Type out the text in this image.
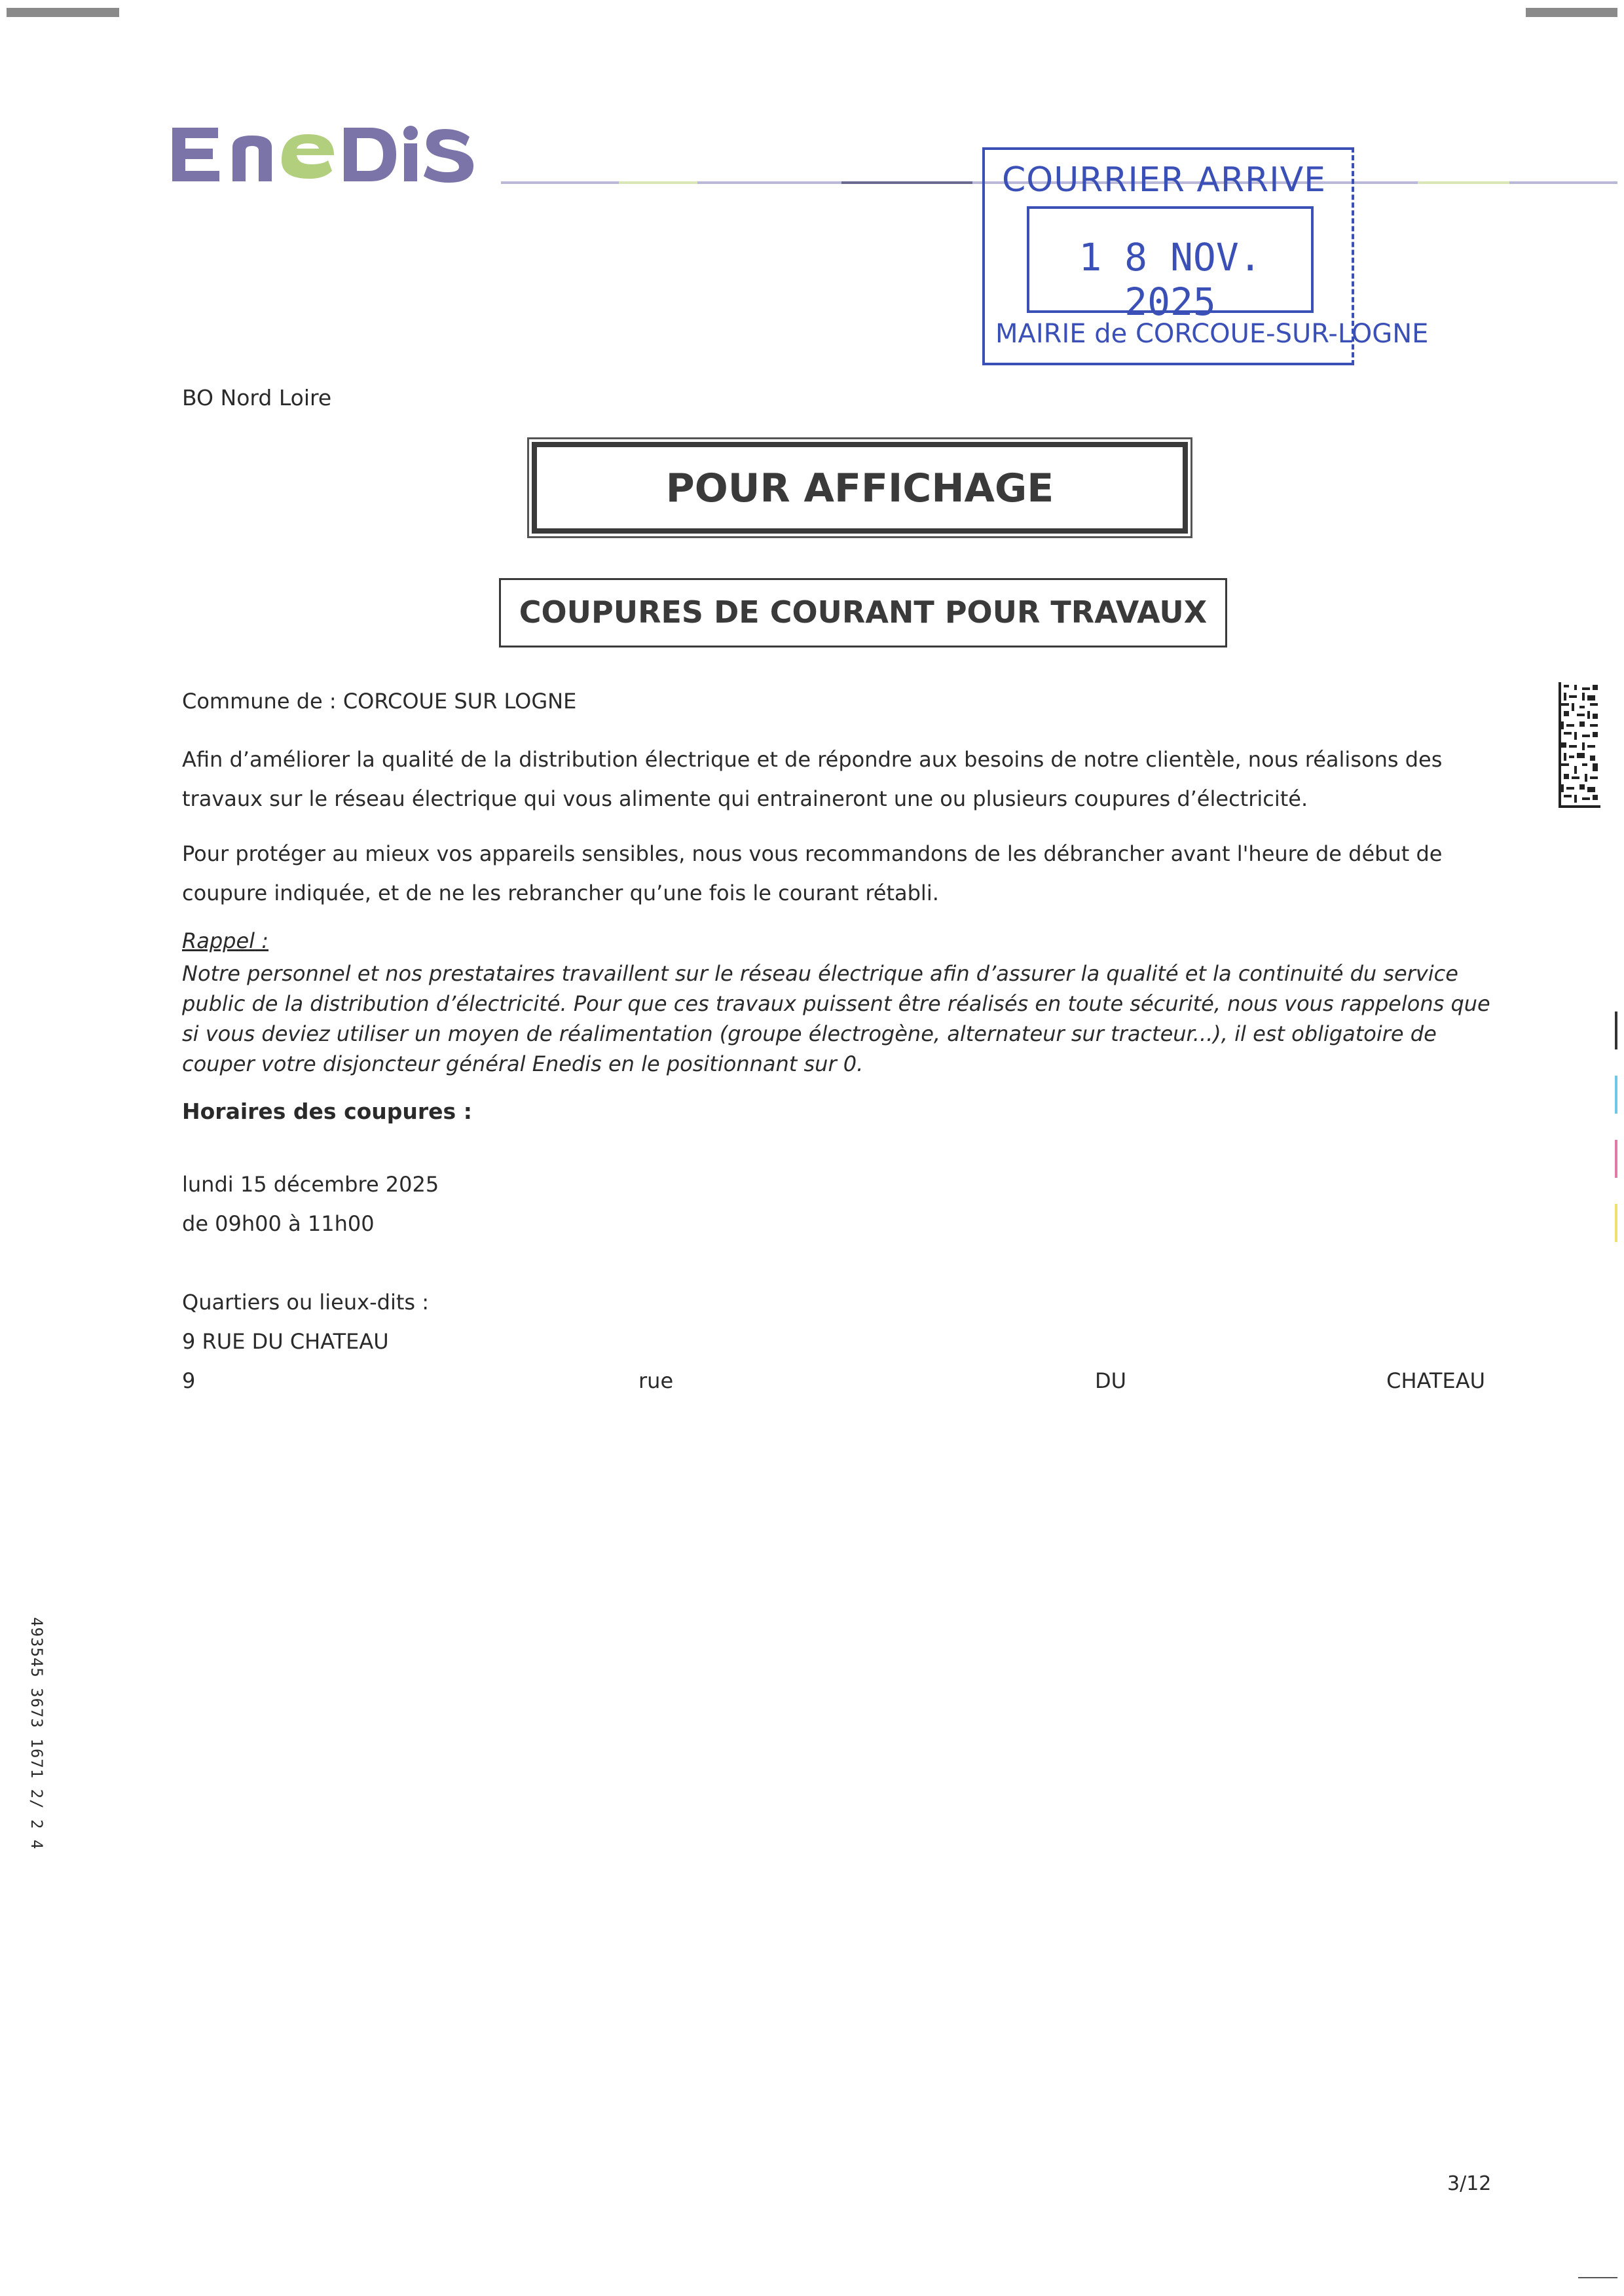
COURRIER ARRIVE
1 8 NOV. 2025
MAIRIE de CORCOUE-SUR-LOGNE
BO Nord Loire
POUR AFFICHAGE
COUPURES DE COURANT POUR TRAVAUX
Commune de : CORCOUE SUR LOGNE
Afin d’améliorer la qualité de la distribution électrique et de répondre aux besoins de notre clientèle, nous réalisons des travaux sur le réseau électrique qui vous alimente qui entraineront une ou plusieurs coupures d’électricité.
Pour protéger au mieux vos appareils sensibles, nous vous recommandons de les débrancher avant l'heure de début de coupure indiquée, et de ne les rebrancher qu’une fois le courant rétabli.
Rappel :
Notre personnel et nos prestataires travaillent sur le réseau électrique afin d’assurer la qualité et la continuité du service public de la distribution d’électricité. Pour que ces travaux puissent être réalisés en toute sécurité, nous vous rappelons que si vous deviez utiliser un moyen de réalimentation (groupe électrogène, alternateur sur tracteur...), il est obligatoire de couper votre disjoncteur général Enedis en le positionnant sur 0.
Horaires des coupures :
lundi 15 décembre 2025
de 09h00 à 11h00
Quartiers ou lieux-dits :
9 RUE DU CHATEAU
9	rue	DU	CHATEAU
493545 3673 1671 2/ 2 4
3/12
